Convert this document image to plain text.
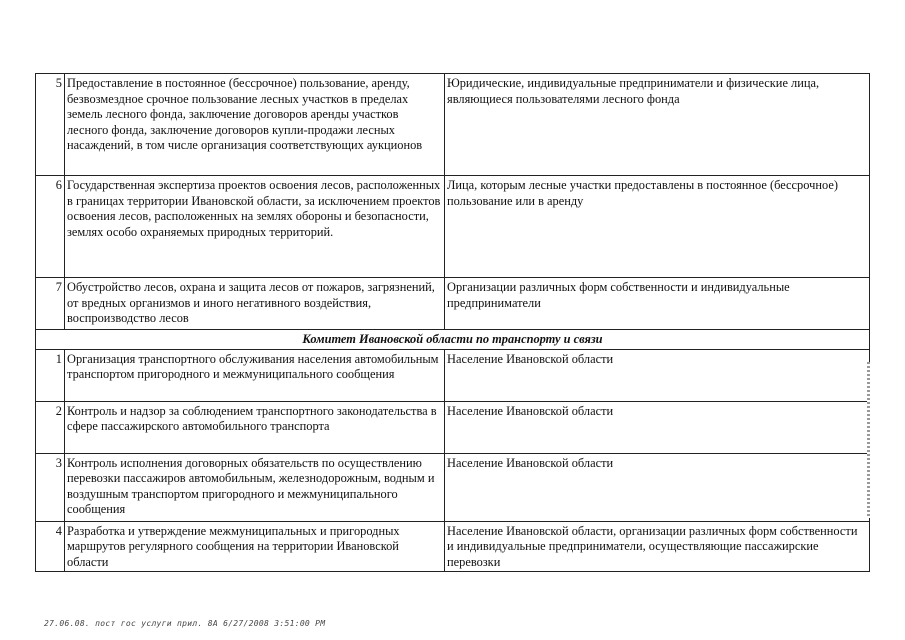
5	Предоставление в постоянное (бессрочное) пользование, аренду, безвозмездное срочное пользование лесных участков в пределах земель лесного фонда, заключение договоров аренды участков лесного фонда, заключение договоров купли-продажи лесных насаждений, в том числе организация соответствующих аукционов	Юридические, индивидуальные предприниматели и физические лица, являющиеся пользователями лесного фонда
6	Государственная экспертиза проектов освоения лесов, расположенных в границах территории Ивановской области, за исключением проектов освоения лесов, расположенных на землях обороны и безопасности, землях особо охраняемых природных территорий.	Лица, которым лесные участки предоставлены в постоянное (бессрочное) пользование или в аренду
7	Обустройство лесов, охрана и защита лесов от пожаров, загрязнений, от вредных организмов и иного негативного воздействия, воспроизводство лесов	Организации различных форм собственности и индивидуальные предприниматели
Комитет Ивановской области по транспорту и связи		
1	Организация транспортного обслуживания населения автомобильным транспортом пригородного и межмуниципального сообщения	Население Ивановской области
2	Контроль и надзор за соблюдением транспортного законодательства в сфере пассажирского автомобильного транспорта	Население Ивановской области
3	Контроль исполнения договорных обязательств по осуществлению перевозки пассажиров автомобильным, железнодорожным, водным и воздушным транспортом пригородного и межмуниципального сообщения	Население Ивановской области
4	Разработка и утверждение межмуниципальных и пригородных маршрутов регулярного сообщения на территории Ивановской области	Население Ивановской области, организации различных форм собственности и индивидуальные предприниматели, осуществляющие пассажирские перевозки
27.06.08. пост гос услуги прил. 8А 6/27/2008 3:51:00 PM
